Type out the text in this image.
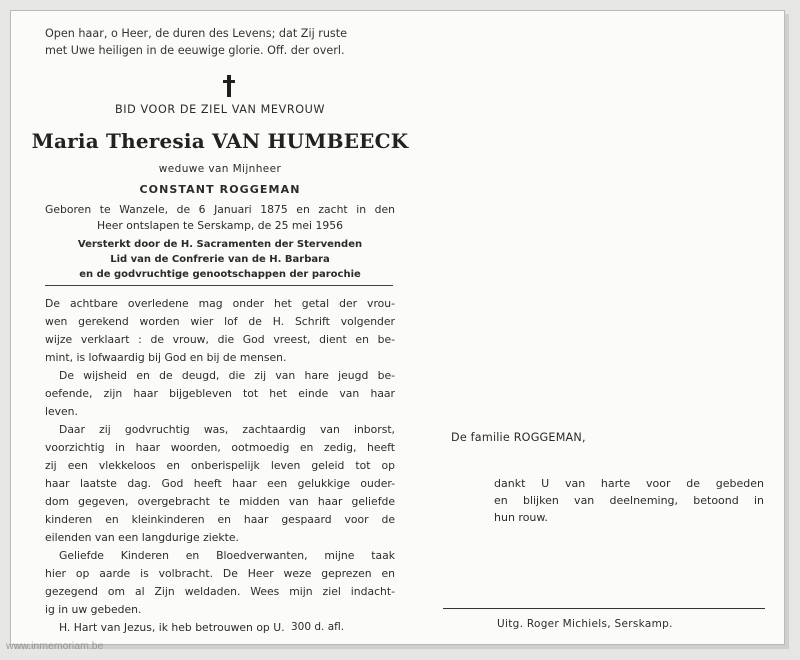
Open haar, o Heer, de duren des Levens; dat Zij ruste
met Uwe heiligen in de eeuwige glorie. Off. der overl.
BID VOOR DE ZIEL VAN MEVROUW
Maria Theresia VAN HUMBEECK
weduwe van Mijnheer
CONSTANT ROGGEMAN
Geboren te Wanzele, de 6 Januari 1875 en zacht in den
Heer ontslapen te Serskamp, de 25 mei 1956
Versterkt door de H. Sacramenten der Stervenden
Lid van de Confrerie van de H. Barbara
en de godvruchtige genootschappen der parochie
De achtbare overledene mag onder het getal der vrou-
wen gerekend worden wier lof de H. Schrift volgender
wijze verklaart : de vrouw, die God vreest, dient en be-
mint, is lofwaardig bij God en bij de mensen.
De wijsheid en de deugd, die zij van hare jeugd be-
oefende, zijn haar bijgebleven tot het einde van haar
leven.
Daar zij godvruchtig was, zachtaardig van inborst,
voorzichtig in haar woorden, ootmoedig en zedig, heeft
zij een vlekkeloos en onberispelijk leven geleid tot op
haar laatste dag. God heeft haar een gelukkige ouder-
dom gegeven, overgebracht te midden van haar geliefde
kinderen en kleinkinderen en haar gespaard voor de
eilenden van een langdurige ziekte.
Geliefde Kinderen en Bloedverwanten, mijne taak
hier op aarde is volbracht. De Heer weze geprezen en
gezegend om al Zijn weldaden. Wees mijn ziel indacht-
ig in uw gebeden.
H. Hart van Jezus, ik heb betrouwen op U. 300 d. afl.
De familie ROGGEMAN,
dankt U van harte voor de gebeden
en blijken van deelneming, betoond in
hun rouw.
Uitg. Roger Michiels, Serskamp.
www.inmemoriam.be
